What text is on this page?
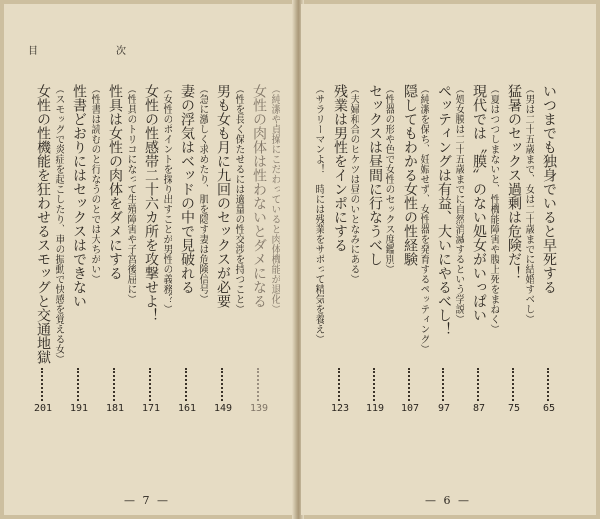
目	次
女性の性機能を狂わせるスモッグと交通地獄
201
（スモッグで炎症を起こしたり、車の振動で快感を覚える女） 性書どおりにはセックスはできない
191
（性書は読むのと行なうのとでは大ちがい） 性具は女性の肉体をダメにする
181
（性具のトリコになって生殖障害や子宮後屈に） 女性の性感帯二十六カ所を攻撃せよ！
171
（女性のポイントを探り出すことが男性の義務？） 妻の浮気はベッドの中で見破れる
161
（急に激しく求めたり、肌を隠す妻は危険信号） 男も女も月に九回のセックスが必要
149
（性を長く保たせるには適量の性交渉を持つこと） 女性の肉体は性わないとダメになる
139
（純潔や貞操にこだわっていると肉体機能が退化）
— 7 —
いつまでも独身でいると早死する
65
（男は二十五歳まで、女は二十歳までに結婚すべし）
猛暑のセックス過剰は危険だ！
75
（夏はつつしまないと、性機能障害や腹上死をまねく）
現代では〝膜〟のない処女がいっぱい
87
（処女膜は二十五歳までに自然消滅するという学説）
ペッティングは有益、大いにやるべし！
97
（純潔を保ち、妊娠せず、女性器を発育するペッティング）
隠してもわかる女性の性経験
107
（性器の形や色で女性のセックス度鑑別）
セックスは昼間に行なうべし
119
（夫婦和合のヒケツは昼のいとなみにある）
残業は男性をインポにする
123
（サラリーマンよ！　時には残業をサボって精気を養え）
— 6 —
